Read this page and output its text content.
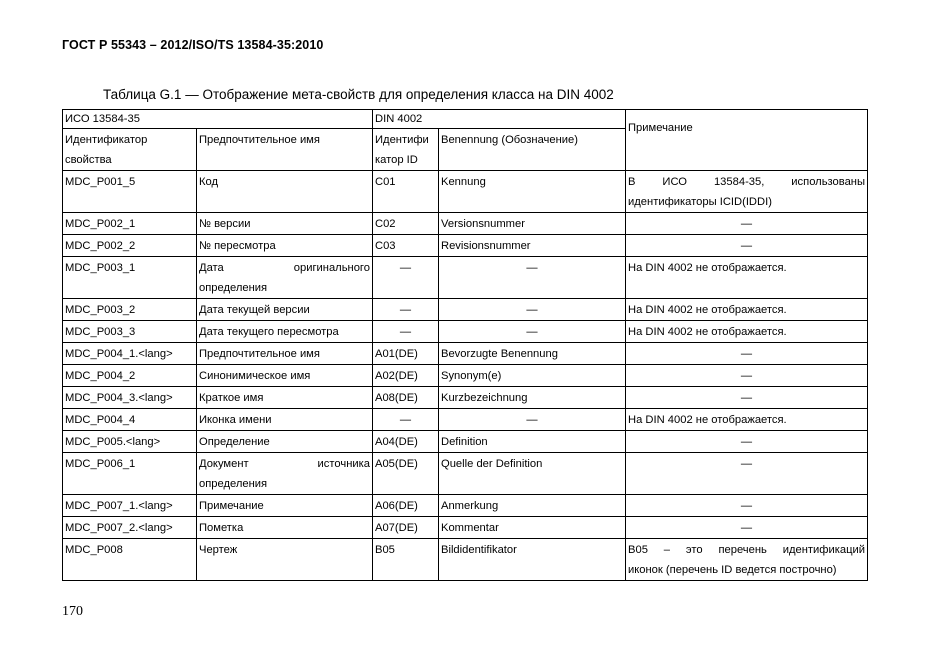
ГОСТ Р 55343 – 2012/ISO/TS 13584-35:2010
Таблица G.1 — Отображение мета-свойств для определения класса на DIN 4002
ИСО 13584-35		DIN 4002		Примечание

Идентификатор
свойства	Предпочтительное имя	Идентифи
катор ID	Benennung (Обозначение)	
MDC_P001_5	Код	C01	Kennung	В ИСО 13584-35, использованы
идентификаторы ICID(IDDI)

MDC_P002_1	№ версии	C02	Versionsnummer	—
MDC_P002_2	№ пересмотра	C03	Revisionsnummer	—
MDC_P003_1	Дата оригинального
определения	—	—	На DIN 4002 не отображается.
MDC_P003_2	Дата текущей версии	—	—	На DIN 4002 не отображается.
MDC_P003_3	Дата текущего пересмотра	—	—	На DIN 4002 не отображается.
MDC_P004_1.<lang>	Предпочтительное имя	A01(DE)	Bevorzugte Benennung	—
MDC_P004_2	Синонимическое имя	A02(DE)	Synonym(e)	—
MDC_P004_3.<lang>	Краткое имя	A08(DE)	Kurzbezeichnung	—
MDC_P004_4	Иконка имени	—	—	На DIN 4002 не отображается.
MDC_P005.<lang>	Определение	A04(DE)	Definition	—
MDC_P006_1	Документ источника
определения	A05(DE)	Quelle der Definition	—
MDC_P007_1.<lang>	Примечание	A06(DE)	Anmerkung	—
MDC_P007_2.<lang>	Пометка	A07(DE)	Kommentar	—
MDC_P008	Чертеж	B05	Bildidentifikator	B05 – это перечень идентификаций
иконок (перечень ID ведется построчно)
170
